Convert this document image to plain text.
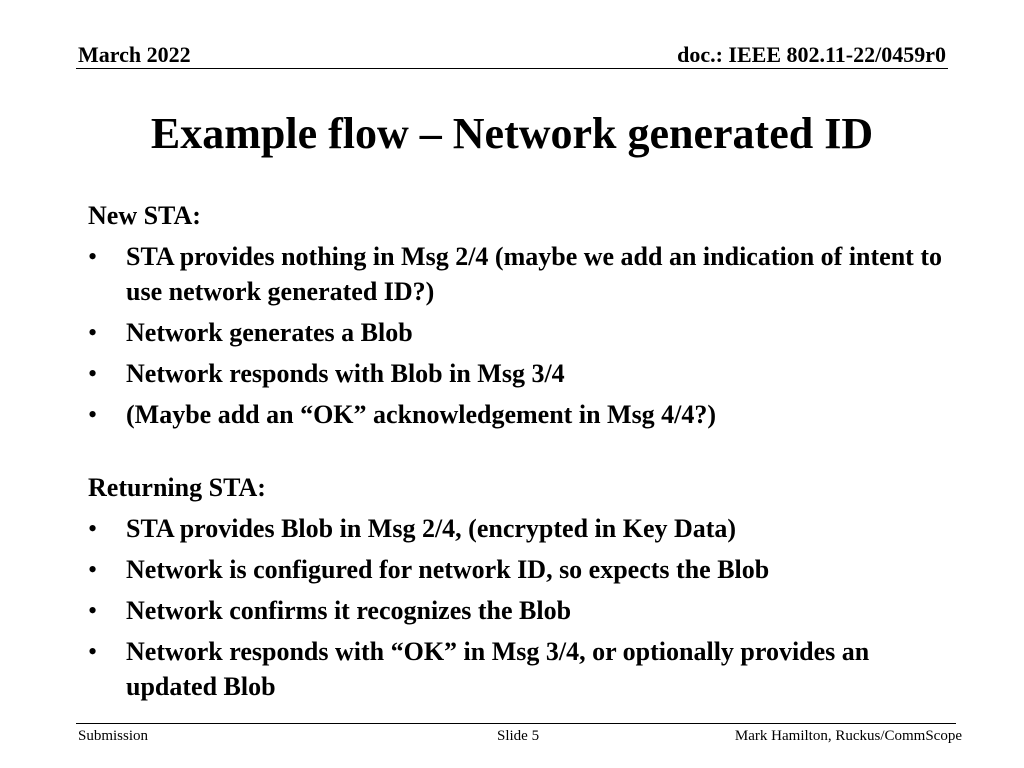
March 2022	doc.: IEEE 802.11-22/0459r0
Example flow – Network generated ID
New STA:
• STA provides nothing in Msg 2/4 (maybe we add an indication of intent to use network generated ID?)
• Network generates a Blob
• Network responds with Blob in Msg 3/4
• (Maybe add an “OK” acknowledgement in Msg 4/4?)
Returning STA:
• STA provides Blob in Msg 2/4, (encrypted in Key Data)
• Network is configured for network ID, so expects the Blob
• Network confirms it recognizes the Blob
• Network responds with “OK” in Msg 3/4, or optionally provides an updated Blob
Submission	Slide 5	Mark Hamilton, Ruckus/CommScope
